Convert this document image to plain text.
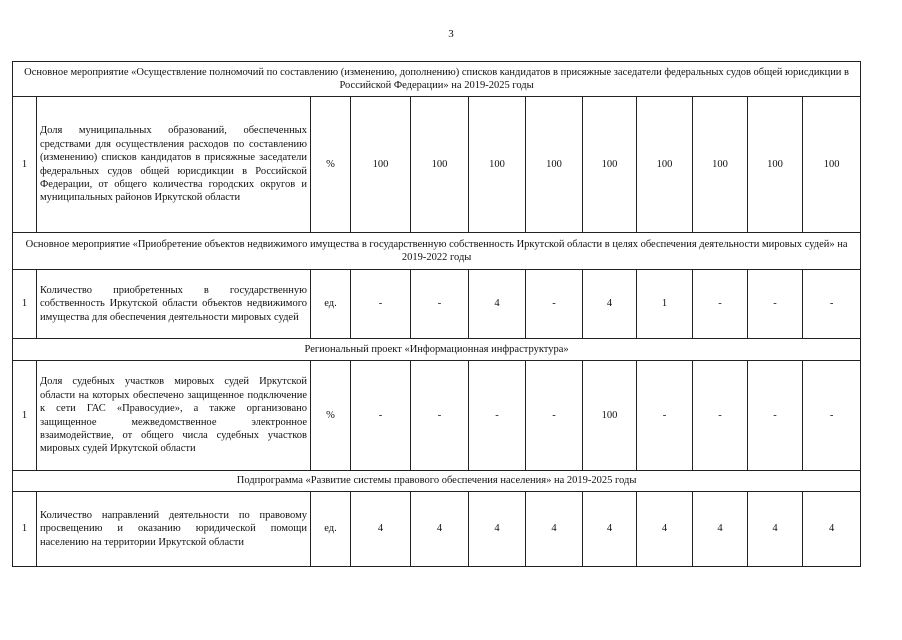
3
Основное мероприятие «Осуществление полномочий по составлению (изменению, дополнению) списков кандидатов в присяжные заседатели федеральных судов общей юрисдикции в Российской Федерации» на 2019-2025 годы											
1	Доля муниципальных образований, обеспеченных средствами для осуществления расходов по составлению (изменению) списков кандидатов в присяжные заседатели федеральных судов общей юрисдикции в Российской Федерации, от общего количества городских округов и муниципальных районов Иркутской области	%	100	100	100	100	100	100	100	100	100
Основное мероприятие «Приобретение объектов недвижимого имущества в государственную собственность Иркутской области в целях обеспечения деятельности мировых судей» на 2019-2022 годы											
1	Количество приобретенных в государственную собственность Иркутской области объектов недвижимого имущества для обеспечения деятельности мировых судей	ед.	-	-	4	-	4	1	-	-	-
Региональный проект «Информационная инфраструктура»											
1	Доля судебных участков мировых судей Иркутской области на которых обеспечено защищенное подключение к сети ГАС «Правосудие», а также организовано защищенное межведомственное электронное взаимодействие, от общего числа судебных участков мировых судей Иркутской области	%	-	-	-	-	100	-	-	-	-
Подпрограмма «Развитие системы правового обеспечения населения» на 2019-2025 годы											
1	Количество направлений деятельности по правовому просвещению и оказанию юридической помощи населению на территории Иркутской области	ед.	4	4	4	4	4	4	4	4	4
